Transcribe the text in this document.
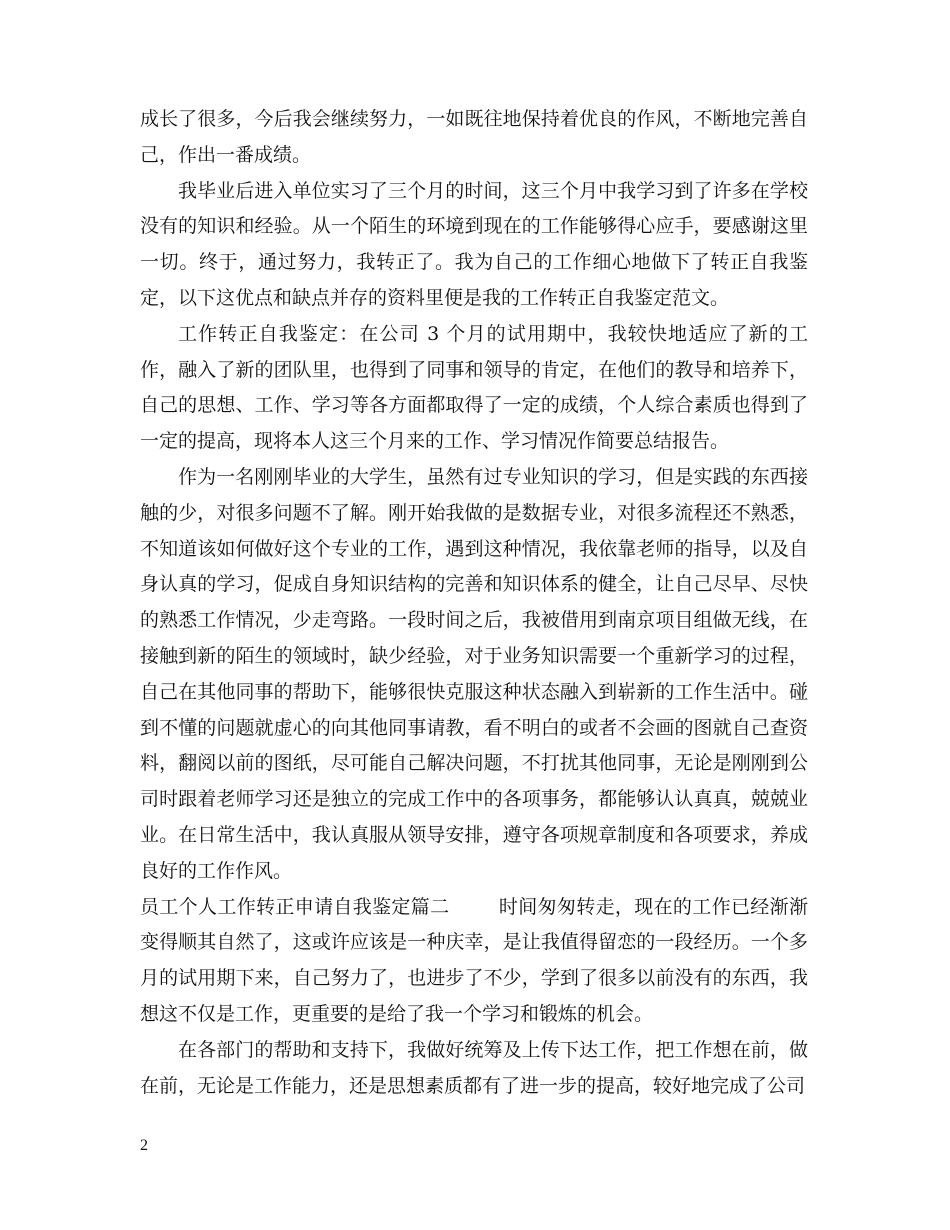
成长了很多，今后我会继续努力，一如既往地保持着优良的作风，不断地完善自己，作出一番成绩。

我毕业后进入单位实习了三个月的时间，这三个月中我学习到了许多在学校没有的知识和经验。从一个陌生的环境到现在的工作能够得心应手，要感谢这里一切。终于，通过努力，我转正了。我为自己的工作细心地做下了转正自我鉴定，以下这优点和缺点并存的资料里便是我的工作转正自我鉴定范文。

工作转正自我鉴定：在公司 3 个月的试用期中，我较快地适应了新的工作，融入了新的团队里，也得到了同事和领导的肯定，在他们的教导和培养下，自己的思想、工作、学习等各方面都取得了一定的成绩，个人综合素质也得到了一定的提高，现将本人这三个月来的工作、学习情况作简要总结报告。

作为一名刚刚毕业的大学生，虽然有过专业知识的学习，但是实践的东西接触的少，对很多问题不了解。刚开始我做的是数据专业，对很多流程还不熟悉，不知道该如何做好这个专业的工作，遇到这种情况，我依靠老师的指导，以及自身认真的学习，促成自身知识结构的完善和知识体系的健全，让自己尽早、尽快的熟悉工作情况，少走弯路。一段时间之后，我被借用到南京项目组做无线，在接触到新的陌生的领域时，缺少经验，对于业务知识需要一个重新学习的过程，自己在其他同事的帮助下，能够很快克服这种状态融入到崭新的工作生活中。碰到不懂的问题就虚心的向其他同事请教，看不明白的或者不会画的图就自己查资料，翻阅以前的图纸，尽可能自己解决问题，不打扰其他同事，无论是刚刚到公司时跟着老师学习还是独立的完成工作中的各项事务，都能够认认真真，兢兢业业。在日常生活中，我认真服从领导安排，遵守各项规章制度和各项要求，养成良好的工作作风。

员工个人工作转正申请自我鉴定篇二	时间匆匆转走，现在的工作已经渐渐变得顺其自然了，这或许应该是一种庆幸，是让我值得留恋的一段经历。一个多月的试用期下来，自己努力了，也进步了不少，学到了很多以前没有的东西，我想这不仅是工作，更重要的是给了我一个学习和锻炼的机会。

在各部门的帮助和支持下，我做好统筹及上传下达工作，把工作想在前，做在前，无论是工作能力，还是思想素质都有了进一步的提高，较好地完成了公司

2
